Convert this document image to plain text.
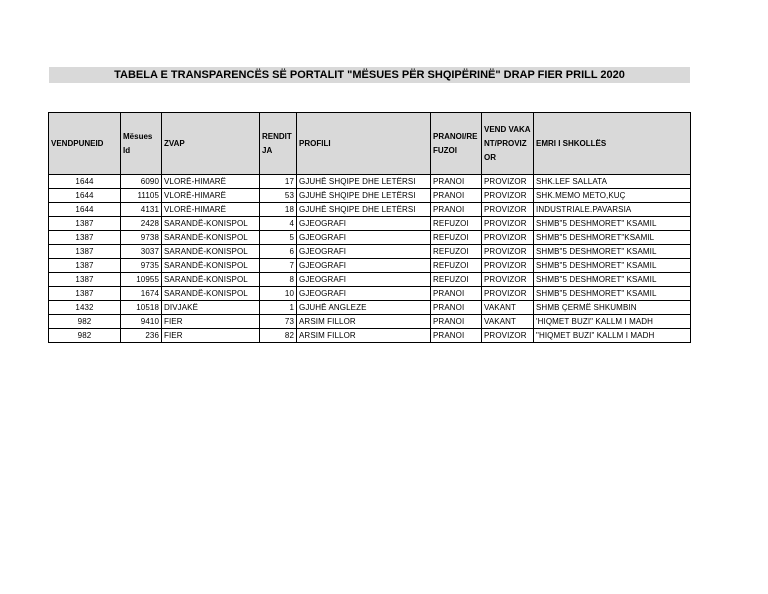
TABELA E TRANSPARENCËS SË PORTALIT "MËSUES PËR SHQIPËRINË" DRAP FIER PRILL 2020
VENDPUNEID	Mësues Id	ZVAP	RENDITJA	PROFILI	PRANOI/REFUZOI	VEND VAKANT/PROVIZOR	EMRI I SHKOLLËS
1644	6090	VLORË-HIMARË	17	GJUHË SHQIPE DHE LETËRSI	PRANOI	PROVIZOR	SHK.LEF SALLATA
1644	11105	VLORË-HIMARË	53	GJUHË SHQIPE DHE LETËRSI	PRANOI	PROVIZOR	SHK.MEMO METO,KUÇ
1644	4131	VLORË-HIMARË	18	GJUHË SHQIPE DHE LETËRSI	PRANOI	PROVIZOR	INDUSTRIALE.PAVARSIA
1387	2428	SARANDË-KONISPOL	4	GJEOGRAFI	REFUZOI	PROVIZOR	SHMB"5 DESHMORET" KSAMIL
1387	9738	SARANDË-KONISPOL	5	GJEOGRAFI	REFUZOI	PROVIZOR	SHMB"5 DESHMORET"KSAMIL
1387	3037	SARANDË-KONISPOL	6	GJEOGRAFI	REFUZOI	PROVIZOR	SHMB"5 DESHMORET" KSAMIL
1387	9735	SARANDË-KONISPOL	7	GJEOGRAFI	REFUZOI	PROVIZOR	SHMB"5 DESHMORET" KSAMIL
1387	10955	SARANDË-KONISPOL	8	GJEOGRAFI	REFUZOI	PROVIZOR	SHMB"5 DESHMORET" KSAMIL
1387	1674	SARANDË-KONISPOL	10	GJEOGRAFI	PRANOI	PROVIZOR	SHMB"5 DESHMORET" KSAMIL
1432	10518	DIVJAKË	1	GJUHË ANGLEZE	PRANOI	VAKANT	SHMB ÇERMË SHKUMBIN
982	9410	FIER	73	ARSIM FILLOR	PRANOI	VAKANT	'HIQMET BUZI" KALLM I MADH
982	236	FIER	82	ARSIM FILLOR	PRANOI	PROVIZOR	"HIQMET BUZI" KALLM I MADH
